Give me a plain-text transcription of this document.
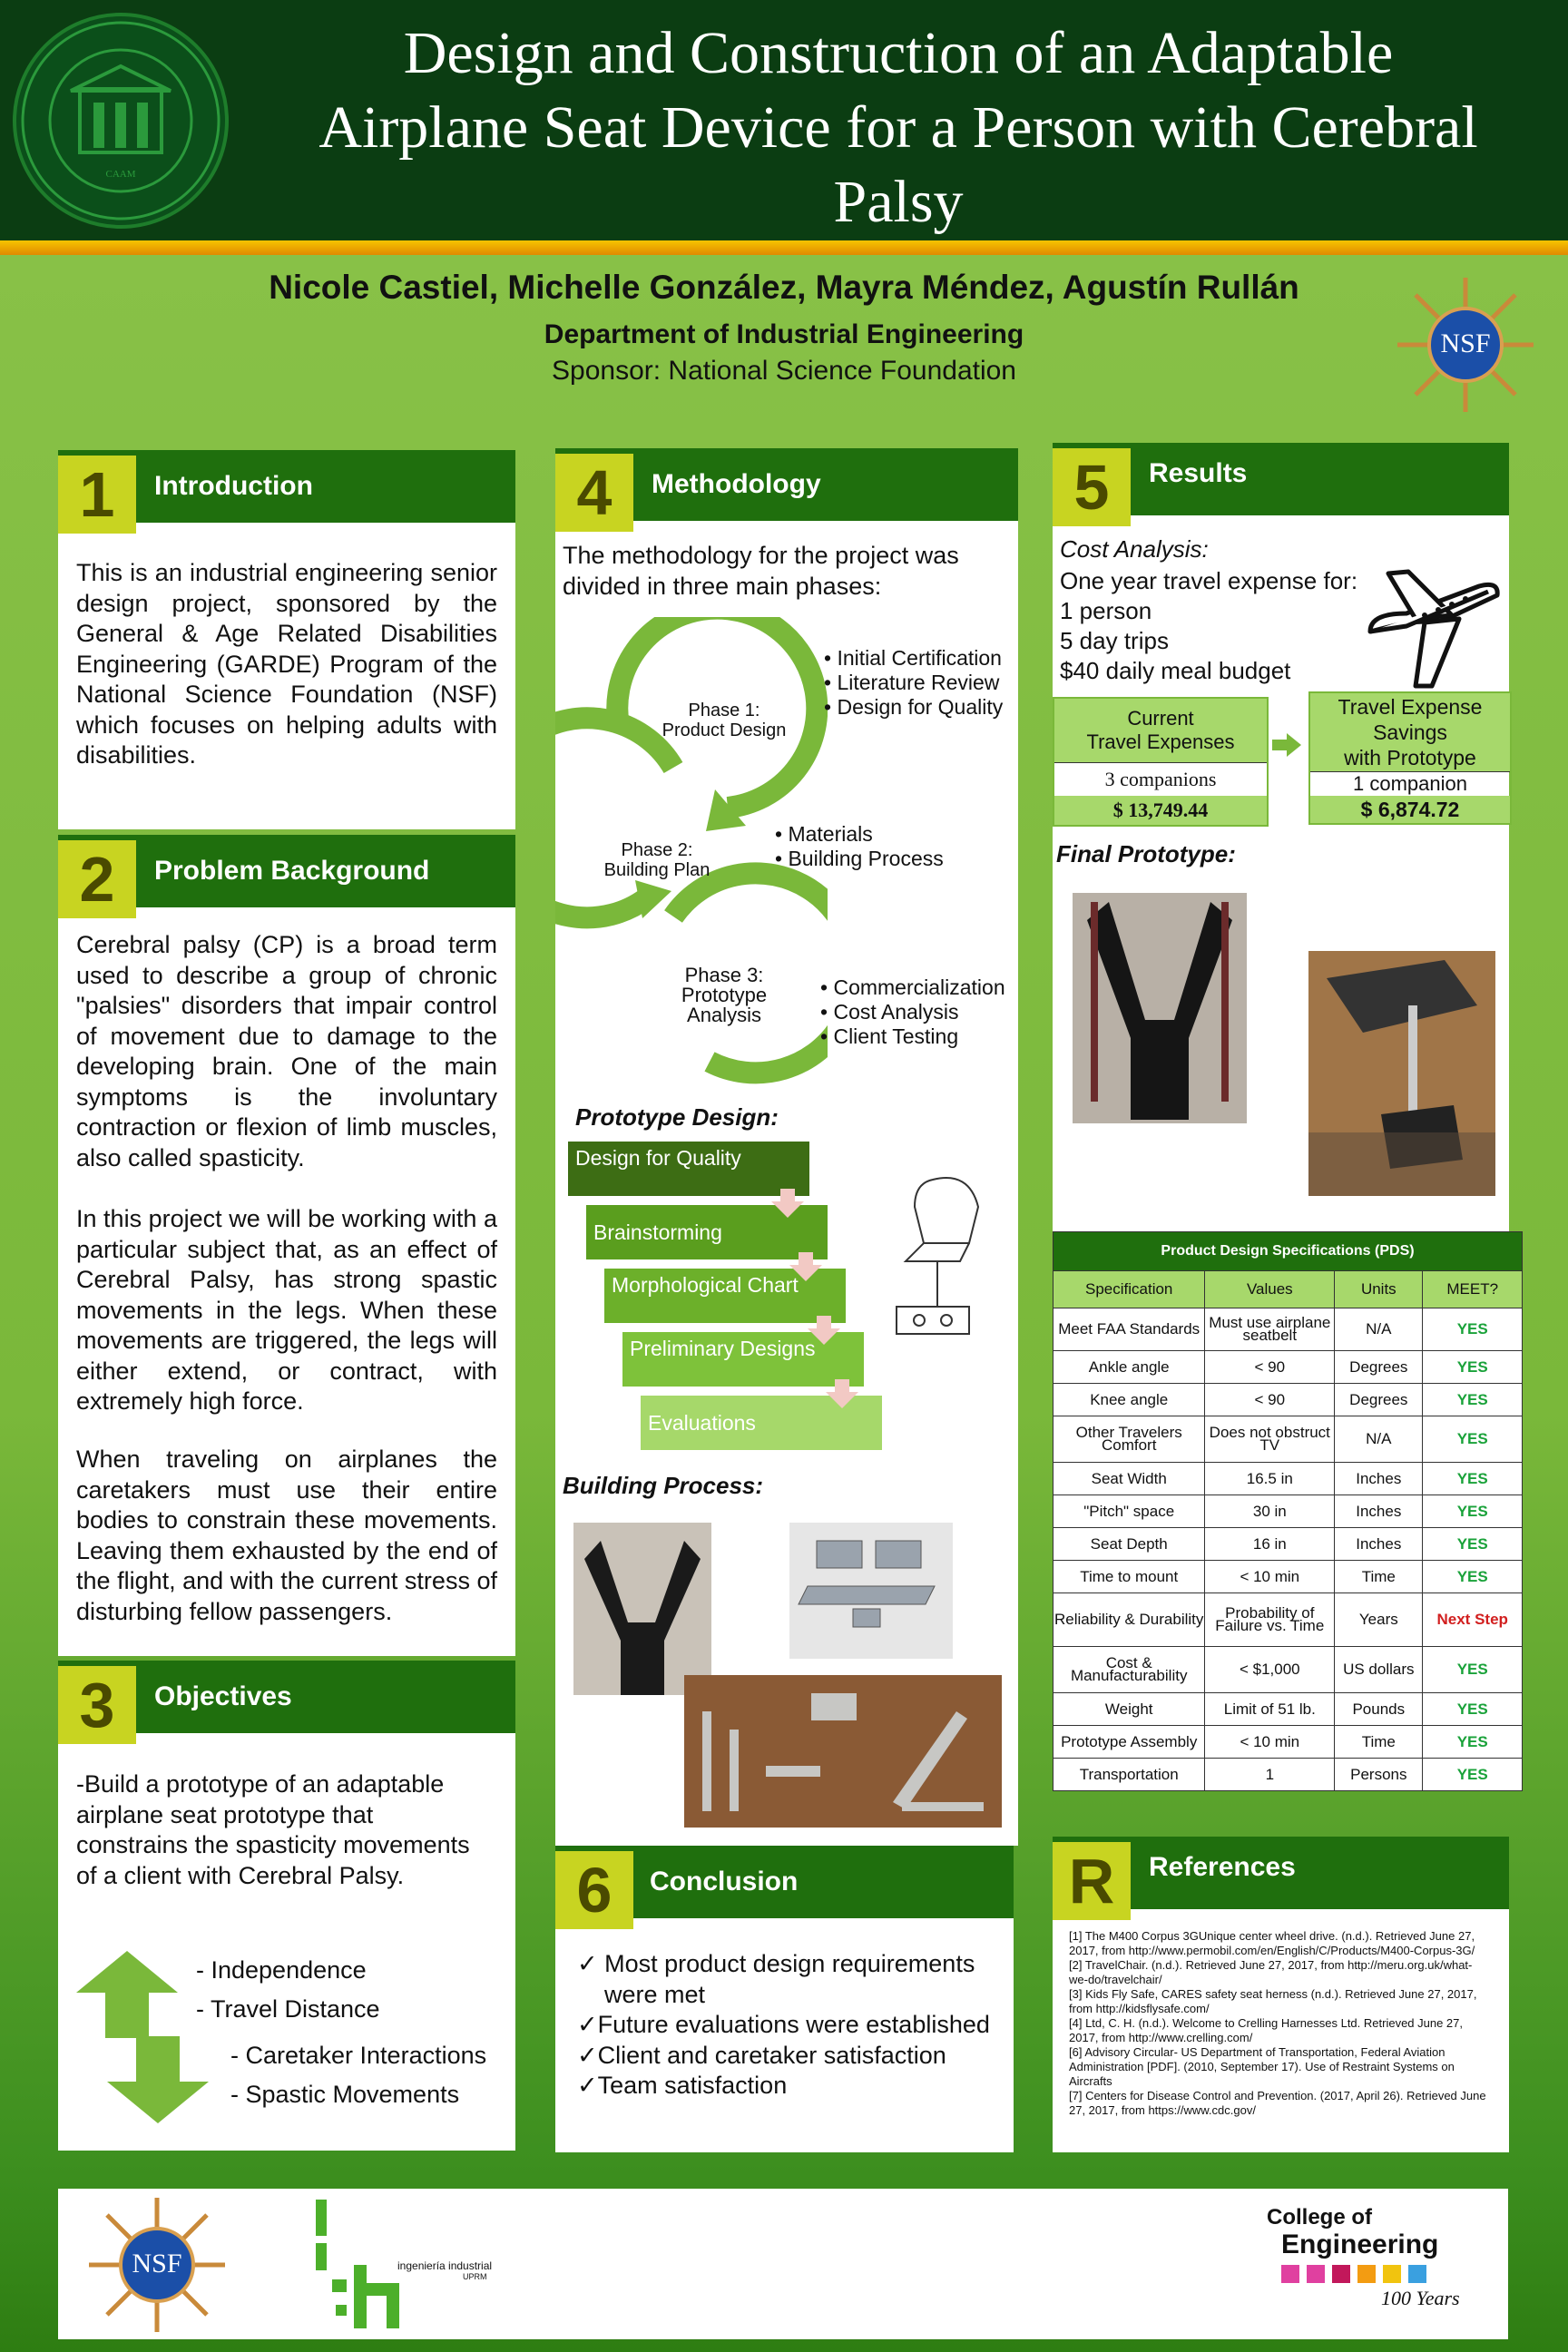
CAAM
Design and Construction of an Adaptable
Airplane Seat Device for a Person with Cerebral
Palsy
Nicole Castiel, Michelle González, Mayra Méndez, Agustín Rullán
Department of Industrial Engineering
Sponsor: National Science Foundation
NSF
Introduction
1
This is an industrial engineering senior design project, sponsored by the General & Age Related Disabilities Engineering (GARDE) Program of the National Science Foundation (NSF) which focuses on helping adults with disabilities.
Problem Background
2
Cerebral palsy (CP) is a broad term used to describe a group of chronic "palsies" disorders that impair control of movement due to damage to the developing brain. One of the main symptoms is the involuntary contraction or flexion of limb muscles, also called spasticity.
In this project we will be working with a particular subject that, as an effect of Cerebral Palsy, has strong spastic movements in the legs. When these movements are triggered, the legs will either extend, or contract, with extremely high force.
When traveling on airplanes the caretakers must use their entire bodies to constrain these movements. Leaving them exhausted by the end of the flight, and with the current stress of disturbing fellow passengers.
Objectives
3
-Build a prototype of an adaptable airplane seat prototype that constrains the spasticity movements of a client with Cerebral Palsy.
- Independence
- Travel Distance
- Caretaker Interactions
- Spastic Movements
Methodology
4
The methodology for the project was divided in three main phases:
Phase 1:
Product Design
Phase 2:
Building Plan
Phase 3:
Prototype
Analysis
• Initial Certification
• Literature Review
• Design for Quality
• Materials
• Building Process
• Commercialization
• Cost Analysis
• Client Testing
Prototype Design:
Design for Quality
Brainstorming
Morphological Chart
Preliminary Designs
Evaluations
Building Process:
Conclusion
6
✓ Most product design requirements were met
✓Future evaluations were established
✓Client and caretaker satisfaction
✓Team satisfaction
Results
5
Cost Analysis:
One year travel expense for:
1 person
5 day trips
$40 daily meal budget
Current
Travel Expenses
3 companions
$ 13,749.44
Travel Expense
Savings
with Prototype
1 companion
$ 6,874.72
Final Prototype:
Product Design Specifications (PDS)			
Specification	Values	Units	MEET?
Meet FAA Standards	Must use airplane seatbelt	N/A	YES
Ankle angle	< 90	Degrees	YES
Knee angle	< 90	Degrees	YES
Other Travelers Comfort	Does not obstruct TV	N/A	YES
Seat Width	16.5 in	Inches	YES
"Pitch" space	30 in	Inches	YES
Seat Depth	16 in	Inches	YES
Time to mount	< 10 min	Time	YES
Reliability & Durability	Probability of Failure vs. Time	Years	Next Step
Cost & Manufacturability	< $1,000	US dollars	YES
Weight	Limit of 51 lb.	Pounds	YES
Prototype Assembly	< 10 min	Time	YES
Transportation	1	Persons	YES
References
R
[1] The M400 Corpus 3GUnique center wheel drive. (n.d.). Retrieved June 27, 2017, from http://www.permobil.com/en/English/C/Products/M400-Corpus-3G/
[2] TravelChair. (n.d.). Retrieved June 27, 2017, from http://meru.org.uk/what-we-do/travelchair/
[3] Kids Fly Safe, CARES safety seat herness (n.d.). Retrieved June 27, 2017, from http://kidsflysafe.com/
[4] Ltd, C. H. (n.d.). Welcome to Crelling Harnesses Ltd. Retrieved June 27, 2017, from http://www.crelling.com/
[6] Advisory Circular- US Department of Transportation, Federal Aviation Administration [PDF]. (2010, September 17). Use of Restraint Systems on Aircrafts
[7] Centers for Disease Control and Prevention. (2017, April 26). Retrieved June 27, 2017, from https://www.cdc.gov/
NSF	ingeniería industrial
UPRM
College of
Engineering
100 Years
